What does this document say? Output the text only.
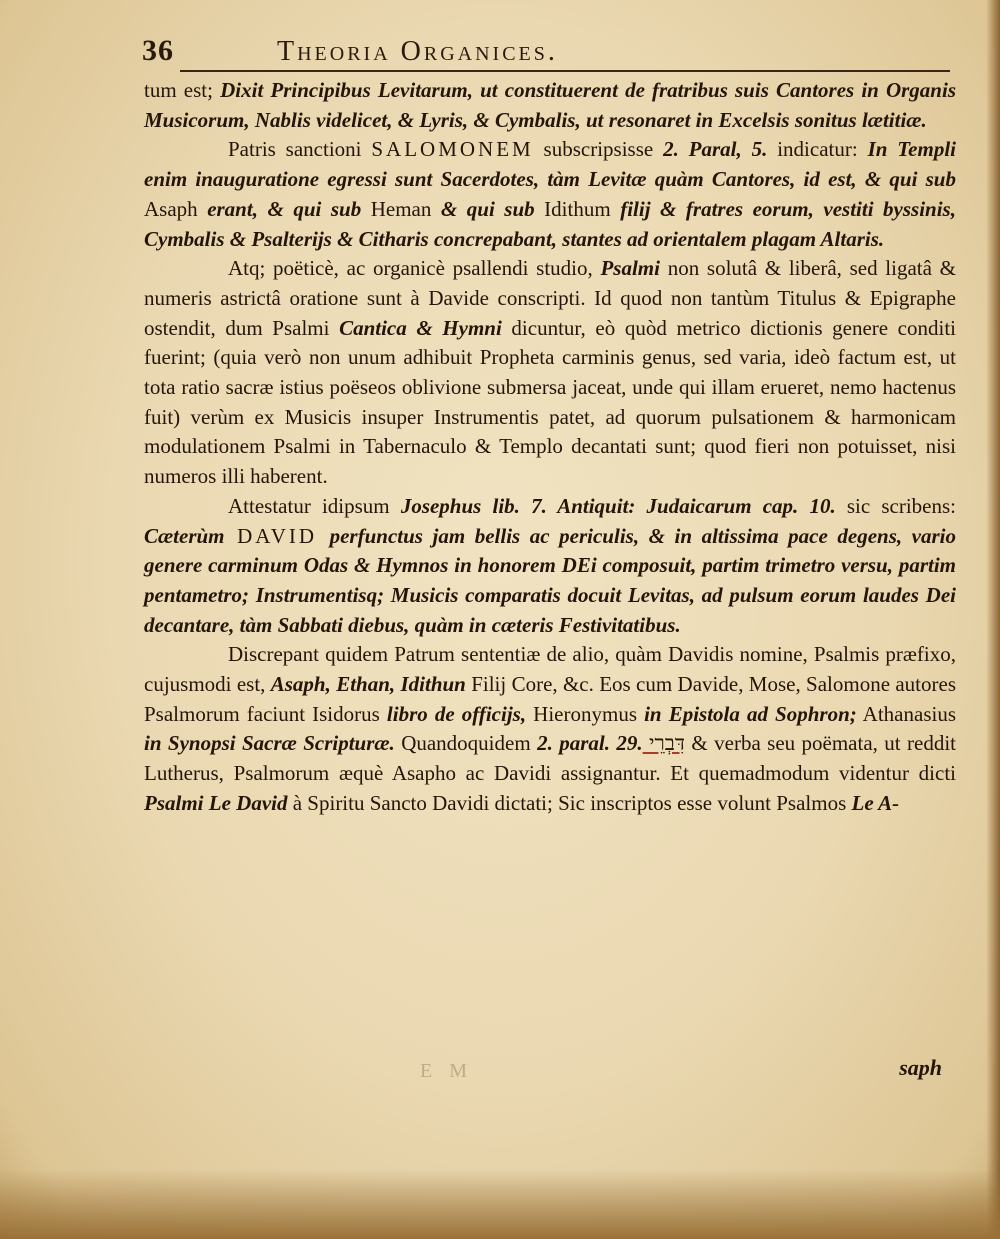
36	Theoria Organices.

tum est; Dixit Principibus Levitarum, ut constituerent de fratribus suis Cantores in Organis Musicorum, Nablis videlicet, & Lyris, & Cymbalis, ut resonaret in Excelsis sonitus lætitiæ.

Patris sanctioni SALOMONEM subscripsisse 2. Paral, 5. indicatur: In Templi enim inauguratione egressi sunt Sacerdotes, tàm Levitæ quàm Cantores, id est, & qui sub Asaph erant, & qui sub Heman & qui sub Idithum filij & fratres eorum, vestiti byssinis, Cymbalis & Psalterijs & Citharis concrepabant, stantes ad orientalem plagam Altaris.

Atq; poëticè, ac organicè psallendi studio, Psalmi non solutâ & liberâ, sed ligatâ & numeris astrictâ oratione sunt à Davide conscripti. Id quod non tantùm Titulus & Epigraphe ostendit, dum Psalmi Cantica & Hymni dicuntur, eò quòd metrico dictionis genere conditi fuerint; (quia verò non unum adhibuit Propheta carminis genus, sed varia, ideò factum est, ut tota ratio sacræ istius poëseos oblivione submersa jaceat, unde qui illam erueret, nemo hactenus fuit) verùm ex Musicis insuper Instrumentis patet, ad quorum pulsationem & harmonicam modulationem Psalmi in Tabernaculo & Templo decantati sunt; quod fieri non potuisset, nisi numeros illi haberent.

Attestatur idipsum Josephus lib. 7. Antiquit: Judaicarum cap. 10. sic scribens: Cæterùm DAVID perfunctus jam bellis ac periculis, & in altissima pace degens, vario genere carminum Odas & Hymnos in honorem DEi composuit, partim trimetro versu, partim pentametro; Instrumentisq; Musicis comparatis docuit Levitas, ad pulsum eorum laudes Dei decantare, tàm Sabbati diebus, quàm in cæteris Festivitatibus.

Discrepant quidem Patrum sententiæ de alio, quàm Davidis nomine, Psalmis præfixo, cujusmodi est, Asaph, Ethan, Idithun Filij Core, &c. Eos cum Davide, Mose, Salomone autores Psalmorum faciunt Isidorus libro de officijs, Hieronymus in Epistola ad Sophron; Athanasius in Synopsi Sacræ Scripturæ. Quandoquidem 2. paral. 29. דִּבְרֵי & verba seu poëmata, ut reddit Lutherus, Psalmorum æquè Asapho ac Davidi assignantur. Et quemadmodum videntur dicti Psalmi Le David à Spiritu Sancto Davidi dictati; Sic inscriptos esse volunt Psalmos Le A-

E M	saph
